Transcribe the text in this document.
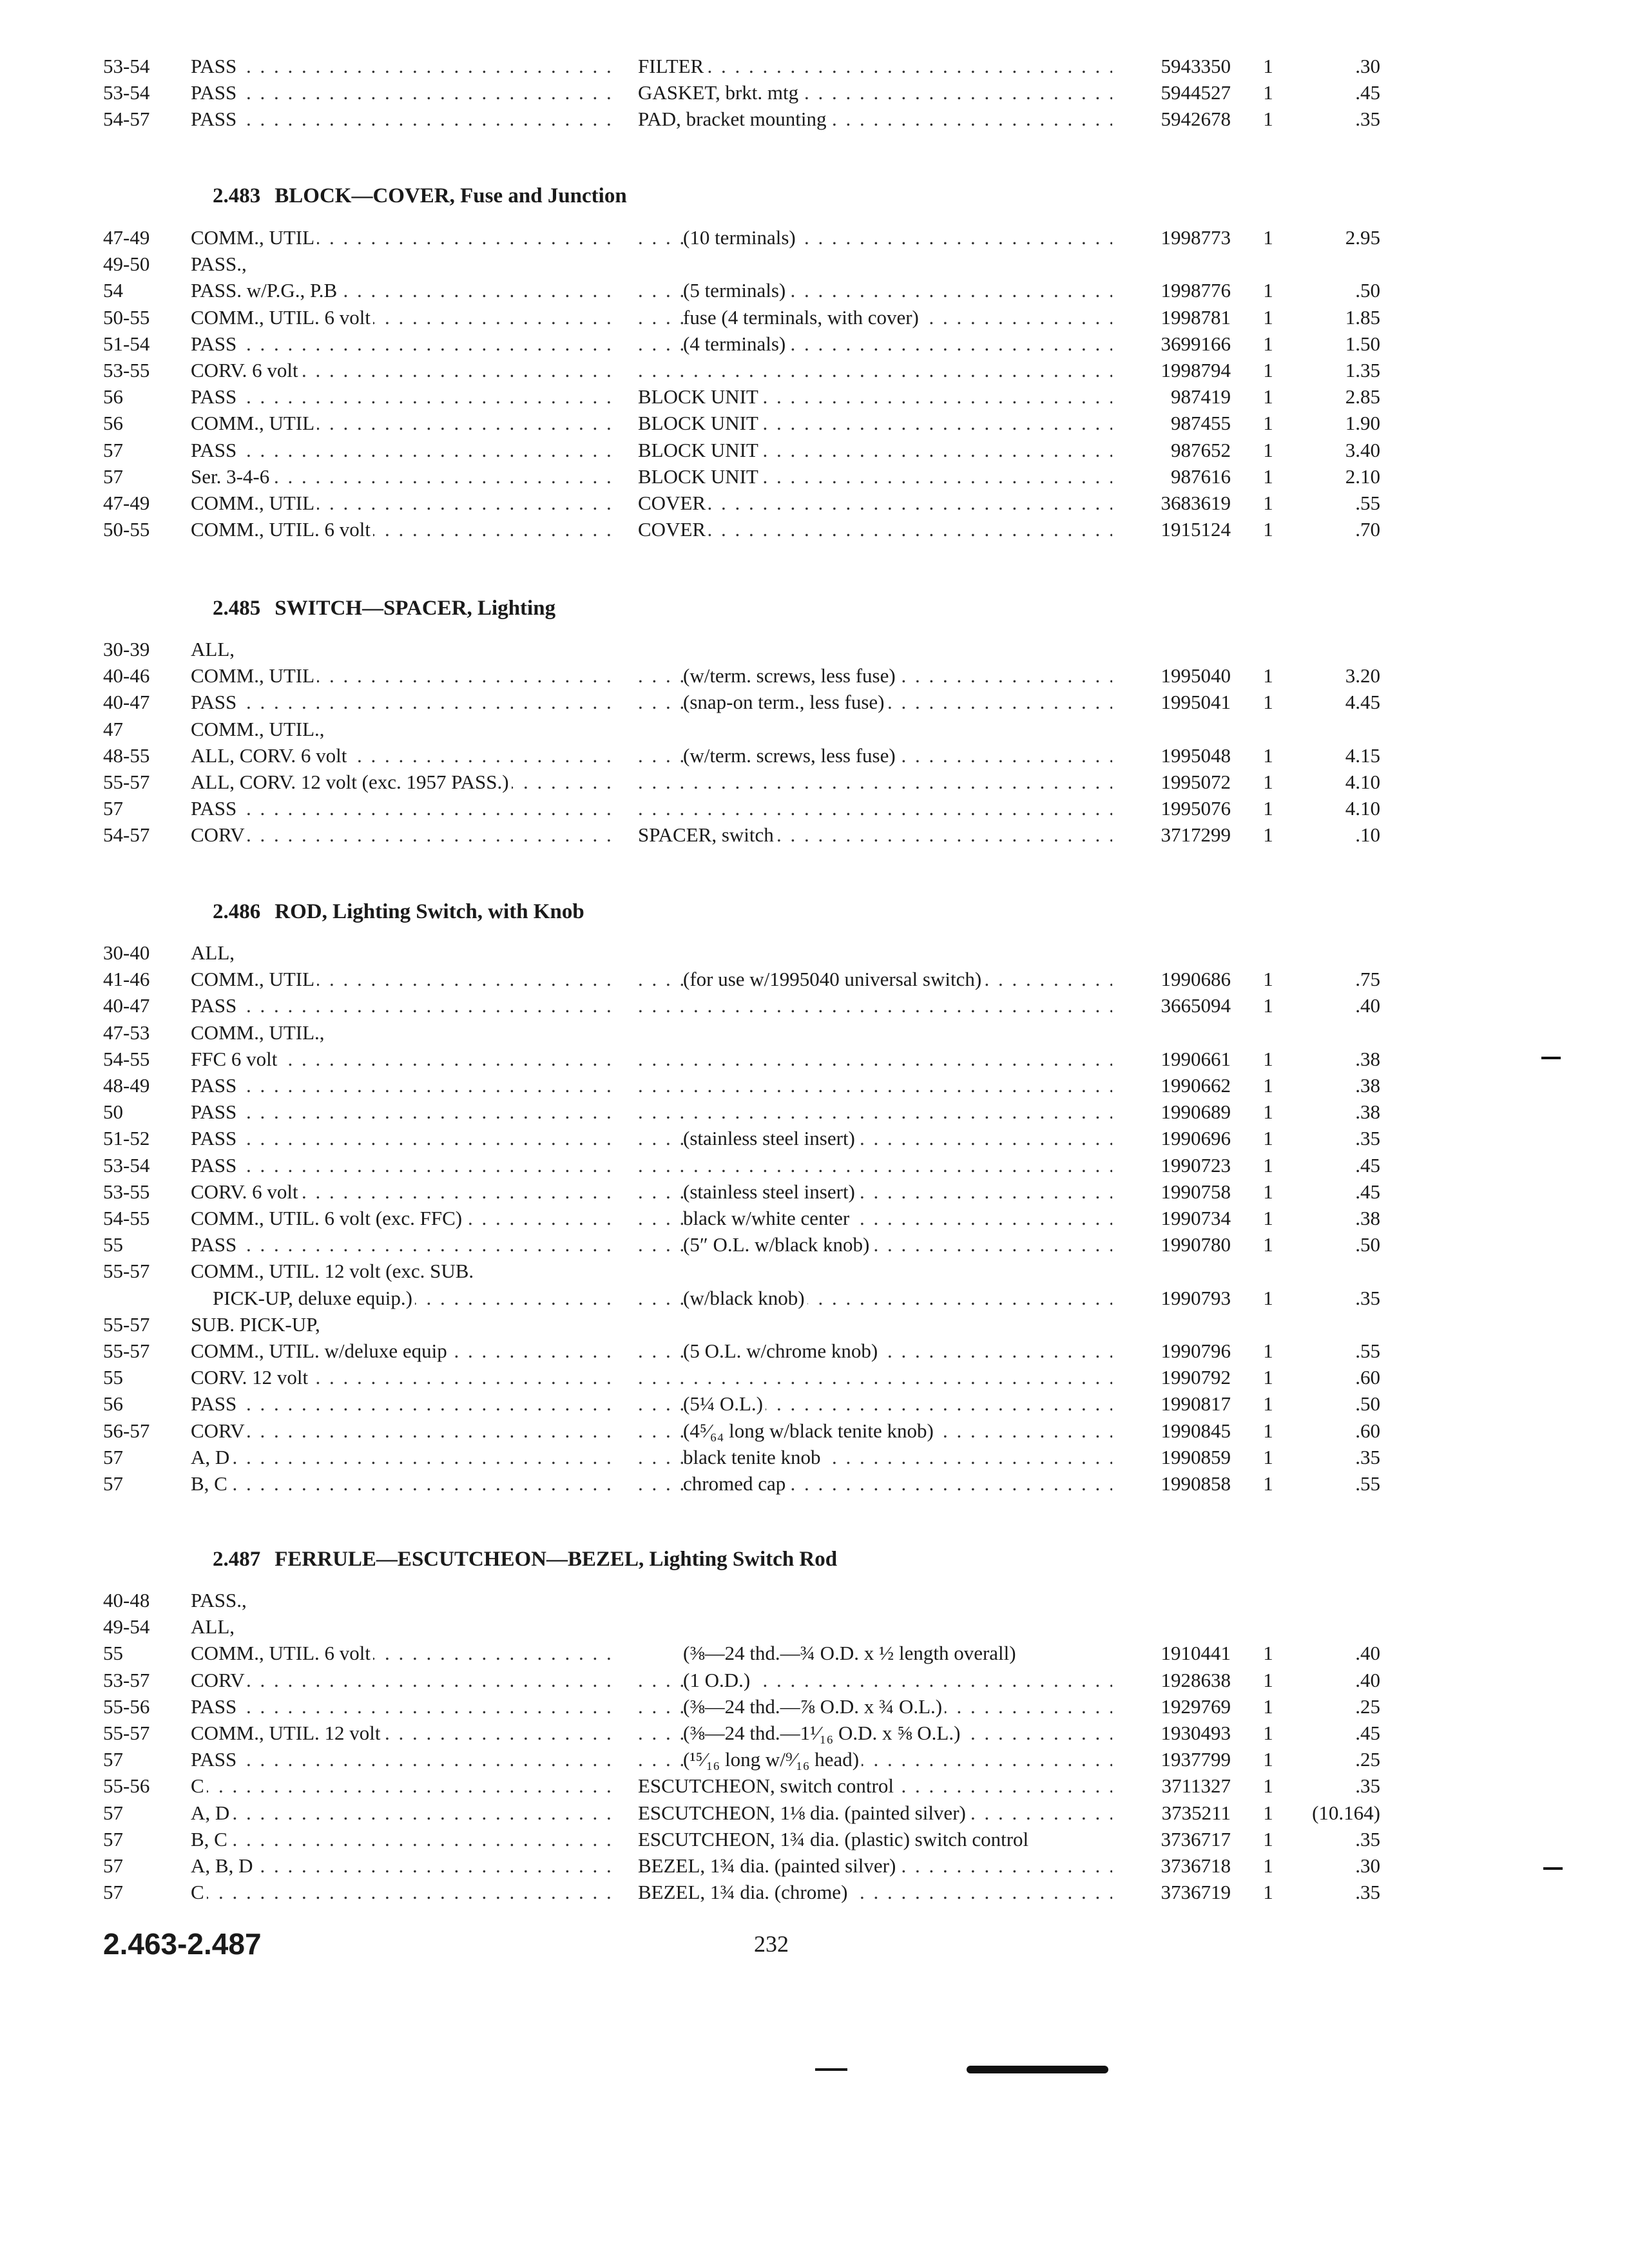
53-54	PASS . . .	FILTER . . .	5943350	1	.30
53-54	PASS . . .	GASKET, brkt. mtg . . .	5944527	1	.45
54-57	PASS . . .	PAD, bracket mounting . . .	5942678	1	.35
2.483 BLOCK—COVER, Fuse and Junction
47-49	COMM., UTIL . . .	(10 terminals) . . .	1998773	1	2.95
49-50	PASS.,
54	PASS. w/P.G., P.B . . .	(5 terminals) . . .	1998776	1	.50
50-55	COMM., UTIL. 6 volt . . .	fuse (4 terminals, with cover) . . .	1998781	1	1.85
51-54	PASS . . .	(4 terminals) . . .	3699166	1	1.50
53-55	CORV. 6 volt . . . . . .	1998794	1	1.35
56	PASS . . .	BLOCK UNIT . . .	987419	1	2.85
56	COMM., UTIL . . .	BLOCK UNIT . . .	987455	1	1.90
57	PASS . . .	BLOCK UNIT . . .	987652	1	3.40
57	Ser. 3-4-6 . . .	BLOCK UNIT . . .	987616	1	2.10
47-49	COMM., UTIL . . .	COVER . . .	3683619	1	.55
50-55	COMM., UTIL. 6 volt . . .	COVER . . .	1915124	1	.70
2.485 SWITCH—SPACER, Lighting
30-39	ALL,
40-46	COMM., UTIL . . .	(w/term. screws, less fuse) . . .	1995040	1	3.20
40-47	PASS . . .	(snap-on term., less fuse) . . .	1995041	1	4.45
47	COMM., UTIL.,
48-55	ALL, CORV. 6 volt . . .	(w/term. screws, less fuse) . . .	1995048	1	4.15
55-57	ALL, CORV. 12 volt (exc. 1957 PASS.) . . . . . .	1995072	1	4.10
57	PASS . . . . . .	1995076	1	4.10
54-57	CORV . . .	SPACER, switch . . .	3717299	1	.10
2.486 ROD, Lighting Switch, with Knob
30-40	ALL,
41-46	COMM., UTIL . . .	(for use w/1995040 universal switch) . . .	1990686	1	.75
40-47	PASS . . . . . .	3665094	1	.40
47-53	COMM., UTIL.,
54-55	FFC 6 volt . . . . . .	1990661	1	.38
48-49	PASS . . . . . .	1990662	1	.38
50	PASS . . . . . .	1990689	1	.38
51-52	PASS . . .	(stainless steel insert) . . .	1990696	1	.35
53-54	PASS . . . . . .	1990723	1	.45
53-55	CORV. 6 volt . . .	(stainless steel insert) . . .	1990758	1	.45
54-55	COMM., UTIL. 6 volt (exc. FFC) . . .	black w/white center . . .	1990734	1	.38
55	PASS . . .	(5″ O.L. w/black knob) . . .	1990780	1	.50
55-57	COMM., UTIL. 12 volt (exc. SUB.
PICK-UP, deluxe equip.) . . .	(w/black knob) . . .	1990793	1	.35
55-57	SUB. PICK-UP,
55-57	COMM., UTIL. w/deluxe equip . . .	(5 O.L. w/chrome knob) . . .	1990796	1	.55
55	CORV. 12 volt . . . . . .	1990792	1	.60
56	PASS . . .	(5¼ O.L.) . . .	1990817	1	.50
56-57	CORV . . .	(4⁵⁄₆₄ long w/black tenite knob) . . .	1990845	1	.60
57	A, D . . .	black tenite knob . . .	1990859	1	.35
57	B, C . . .	chromed cap . . .	1990858	1	.55
2.487 FERRULE—ESCUTCHEON—BEZEL, Lighting Switch Rod
40-48	PASS.,
49-54	ALL,
55	COMM., UTIL. 6 volt . . .	(⅜—24 thd.—¾ O.D. x ½ length overall)	1910441	1	.40
53-57	CORV . . .	(1 O.D.) . . .	1928638	1	.40
55-56	PASS . . .	(⅜—24 thd.—⅞ O.D. x ¾ O.L.) . . .	1929769	1	.25
55-57	COMM., UTIL. 12 volt . . .	(⅜—24 thd.—1¹⁄₁₆ O.D. x ⅝ O.L.) . . .	1930493	1	.45
57	PASS . . .	(¹⁵⁄₁₆ long w/⁹⁄₁₆ head) . . .	1937799	1	.25
55-56	C . . .	ESCUTCHEON, switch control . . .	3711327	1	.35
57	A, D . . .	ESCUTCHEON, 1⅛ dia. (painted silver) . . .	3735211	1	(10.164)
57	B, C . . .	ESCUTCHEON, 1¾ dia. (plastic) switch control	3736717	1	.35
57	A, B, D . . .	BEZEL, 1¾ dia. (painted silver) . . .	3736718	1	.30
57	C . . .	BEZEL, 1¾ dia. (chrome) . . .	3736719	1	.35
2.463-2.487	232
